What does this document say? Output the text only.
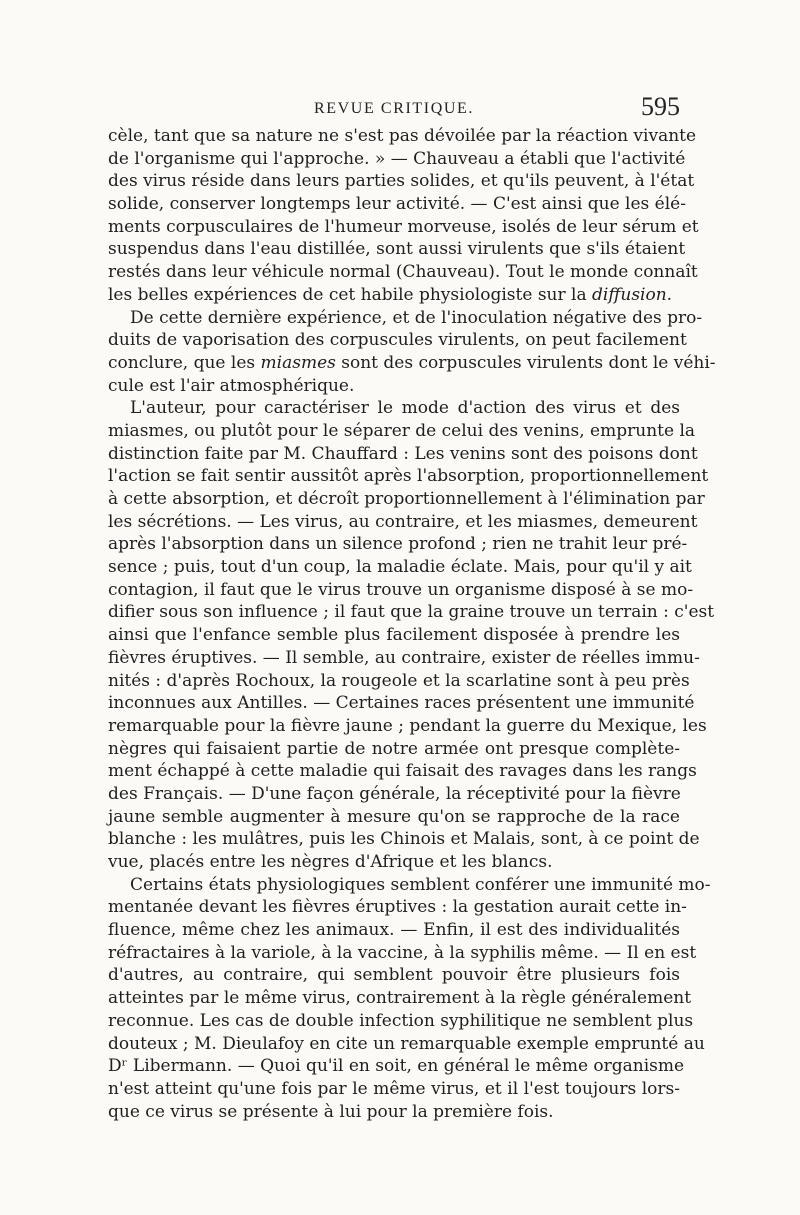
REVUE CRITIQUE.	595
cèle, tant que sa nature ne s'est pas dévoilée par la réaction vivante
de l'organisme qui l'approche. » — Chauveau a établi que l'activité
des virus réside dans leurs parties solides, et qu'ils peuvent, à l'état
solide, conserver longtemps leur activité. — C'est ainsi que les élé-
ments corpusculaires de l'humeur morveuse, isolés de leur sérum et
suspendus dans l'eau distillée, sont aussi virulents que s'ils étaient
restés dans leur véhicule normal (Chauveau). Tout le monde connaît
les belles expériences de cet habile physiologiste sur la diffusion.
De cette dernière expérience, et de l'inoculation négative des pro-
duits de vaporisation des corpuscules virulents, on peut facilement
conclure, que les miasmes sont des corpuscules virulents dont le véhi-
cule est l'air atmosphérique.
L'auteur, pour caractériser le mode d'action des virus et des
miasmes, ou plutôt pour le séparer de celui des venins, emprunte la
distinction faite par M. Chauffard : Les venins sont des poisons dont
l'action se fait sentir aussitôt après l'absorption, proportionnellement
à cette absorption, et décroît proportionnellement à l'élimination par
les sécrétions. — Les virus, au contraire, et les miasmes, demeurent
après l'absorption dans un silence profond ; rien ne trahit leur pré-
sence ; puis, tout d'un coup, la maladie éclate. Mais, pour qu'il y ait
contagion, il faut que le virus trouve un organisme disposé à se mo-
difier sous son influence ; il faut que la graine trouve un terrain : c'est
ainsi que l'enfance semble plus facilement disposée à prendre les
fièvres éruptives. — Il semble, au contraire, exister de réelles immu-
nités : d'après Rochoux, la rougeole et la scarlatine sont à peu près
inconnues aux Antilles. — Certaines races présentent une immunité
remarquable pour la fièvre jaune ; pendant la guerre du Mexique, les
nègres qui faisaient partie de notre armée ont presque complète-
ment échappé à cette maladie qui faisait des ravages dans les rangs
des Français. — D'une façon générale, la réceptivité pour la fièvre
jaune semble augmenter à mesure qu'on se rapproche de la race
blanche : les mulâtres, puis les Chinois et Malais, sont, à ce point de
vue, placés entre les nègres d'Afrique et les blancs.
Certains états physiologiques semblent conférer une immunité mo-
mentanée devant les fièvres éruptives : la gestation aurait cette in-
fluence, même chez les animaux. — Enfin, il est des individualités
réfractaires à la variole, à la vaccine, à la syphilis même. — Il en est
d'autres, au contraire, qui semblent pouvoir être plusieurs fois
atteintes par le même virus, contrairement à la règle généralement
reconnue. Les cas de double infection syphilitique ne semblent plus
douteux ; M. Dieulafoy en cite un remarquable exemple emprunté au
Dʳ Libermann. — Quoi qu'il en soit, en général le même organisme
n'est atteint qu'une fois par le même virus, et il l'est toujours lors-
que ce virus se présente à lui pour la première fois.
